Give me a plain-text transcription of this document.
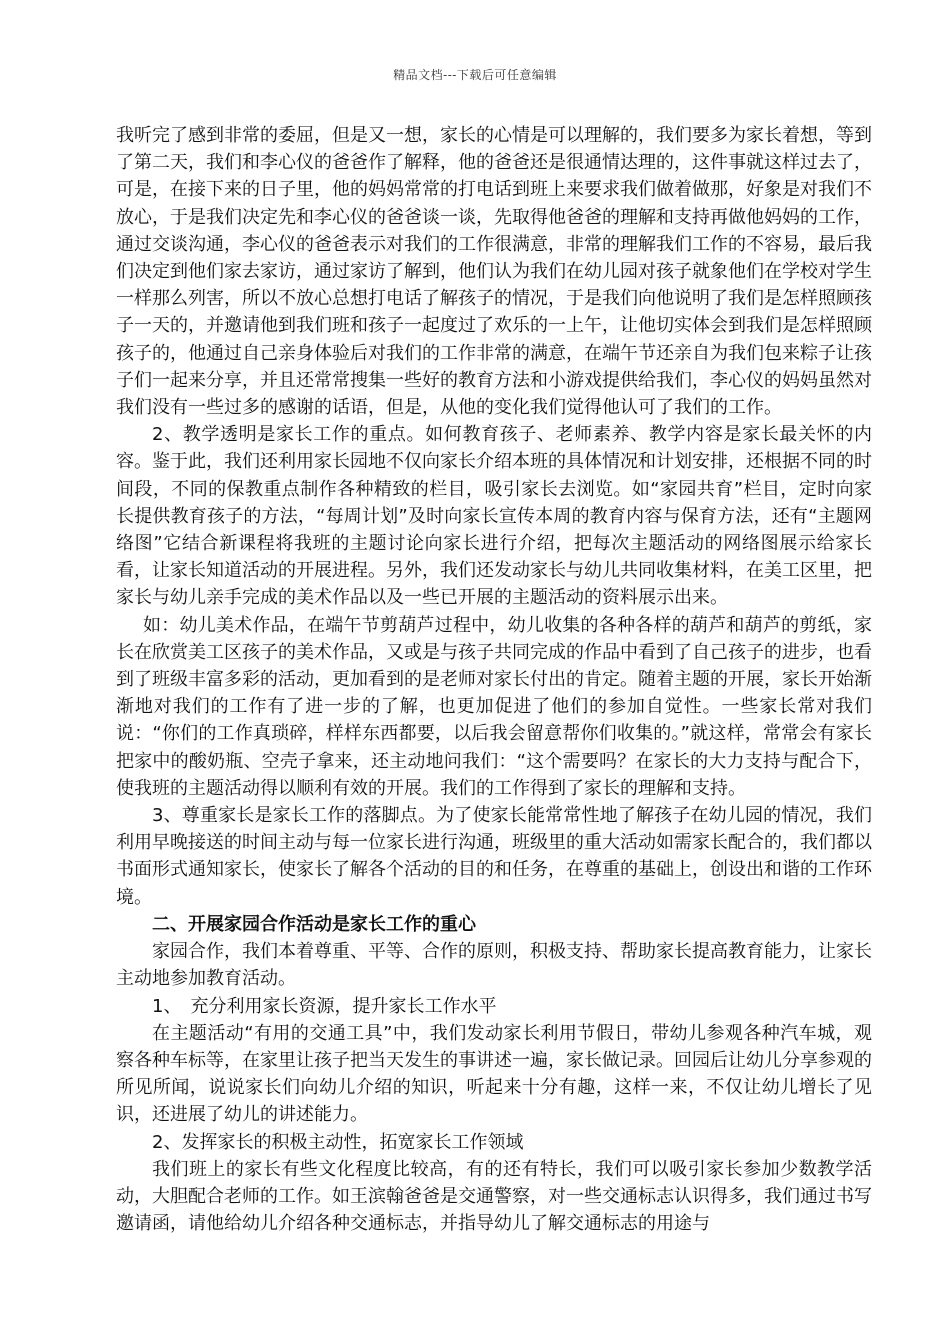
精品文档---下载后可任意编辑

我听完了感到非常的委屈，但是又一想，家长的心情是可以理解的，我们要多为家长着想，等到了第二天，我们和李心仪的爸爸作了解释，他的爸爸还是很通情达理的，这件事就这样过去了，可是，在接下来的日子里，他的妈妈常常的打电话到班上来要求我们做着做那，好象是对我们不放心，于是我们决定先和李心仪的爸爸谈一谈，先取得他爸爸的理解和支持再做他妈妈的工作，通过交谈沟通，李心仪的爸爸表示对我们的工作很满意，非常的理解我们工作的不容易，最后我们决定到他们家去家访，通过家访了解到，他们认为我们在幼儿园对孩子就象他们在学校对学生一样那么列害，所以不放心总想打电话了解孩子的情况，于是我们向他说明了我们是怎样照顾孩子一天的，并邀请他到我们班和孩子一起度过了欢乐的一上午，让他切实体会到我们是怎样照顾孩子的，他通过自己亲身体验后对我们的工作非常的满意，在端午节还亲自为我们包来粽子让孩子们一起来分享，并且还常常搜集一些好的教育方法和小游戏提供给我们，李心仪的妈妈虽然对我们没有一些过多的感谢的话语，但是，从他的变化我们觉得他认可了我们的工作。

2、教学透明是家长工作的重点。如何教育孩子、老师素养、教学内容是家长最关怀的内容。鉴于此，我们还利用家长园地不仅向家长介绍本班的具体情况和计划安排，还根据不同的时间段，不同的保教重点制作各种精致的栏目，吸引家长去浏览。如“家园共育”栏目，定时向家长提供教育孩子的方法，“每周计划”及时向家长宣传本周的教育内容与保育方法，还有“主题网络图”它结合新课程将我班的主题讨论向家长进行介绍，把每次主题活动的网络图展示给家长看，让家长知道活动的开展进程。另外，我们还发动家长与幼儿共同收集材料，在美工区里，把家长与幼儿亲手完成的美术作品以及一些已开展的主题活动的资料展示出来。

如：幼儿美术作品，在端午节剪葫芦过程中，幼儿收集的各种各样的葫芦和葫芦的剪纸，家长在欣赏美工区孩子的美术作品，又或是与孩子共同完成的作品中看到了自己孩子的进步，也看到了班级丰富多彩的活动，更加看到的是老师对家长付出的肯定。随着主题的开展，家长开始渐渐地对我们的工作有了进一步的了解，也更加促进了他们的参加自觉性。一些家长常对我们说：“你们的工作真琐碎，样样东西都要，以后我会留意帮你们收集的。”就这样，常常会有家长把家中的酸奶瓶、空壳子拿来，还主动地问我们：“这个需要吗？在家长的大力支持与配合下，使我班的主题活动得以顺利有效的开展。我们的工作得到了家长的理解和支持。

3、尊重家长是家长工作的落脚点。为了使家长能常常性地了解孩子在幼儿园的情况，我们利用早晚接送的时间主动与每一位家长进行沟通，班级里的重大活动如需家长配合的，我们都以书面形式通知家长，使家长了解各个活动的目的和任务，在尊重的基础上，创设出和谐的工作环境。

二、开展家园合作活动是家长工作的重心

家园合作，我们本着尊重、平等、合作的原则，积极支持、帮助家长提高教育能力，让家长主动地参加教育活动。

1、　充分利用家长资源，提升家长工作水平

在主题活动“有用的交通工具”中，我们发动家长利用节假日，带幼儿参观各种汽车城，观察各种车标等，在家里让孩子把当天发生的事讲述一遍，家长做记录。回园后让幼儿分享参观的所见所闻，说说家长们向幼儿介绍的知识，听起来十分有趣，这样一来，不仅让幼儿增长了见识，还进展了幼儿的讲述能力。

2、发挥家长的积极主动性，拓宽家长工作领域

我们班上的家长有些文化程度比较高，有的还有特长，我们可以吸引家长参加少数教学活动，大胆配合老师的工作。如王滨翰爸爸是交通警察，对一些交通标志认识得多，我们通过书写邀请函，请他给幼儿介绍各种交通标志，并指导幼儿了解交通标志的用途与
